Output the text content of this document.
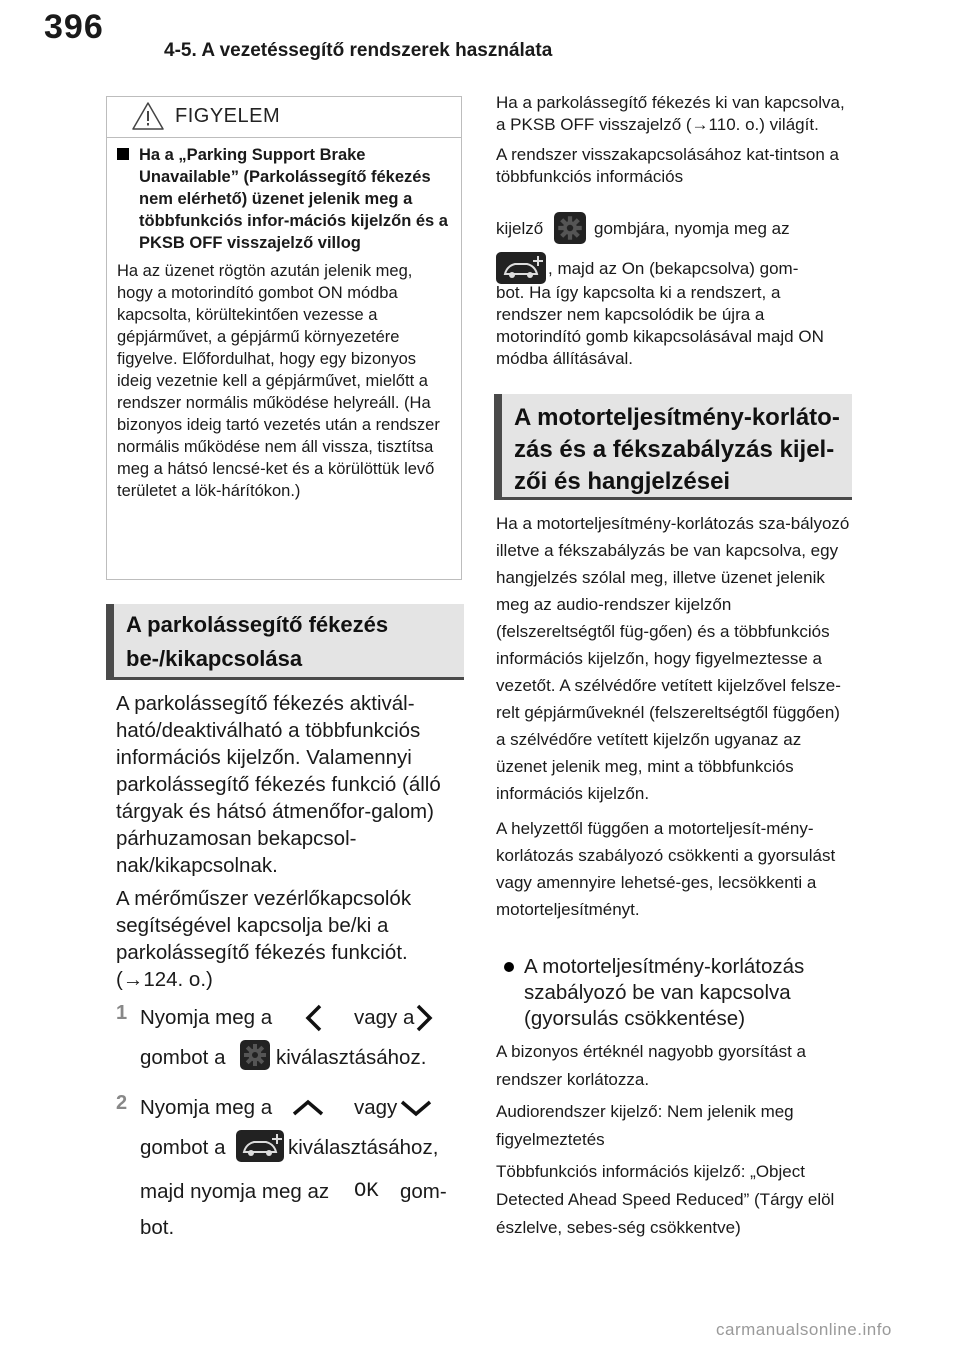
396
4-5. A vezetéssegítő rendszerek használata
FIGYELEM

Ha a „Parking Support Brake Unavailable” (Parkolássegítő fékezés nem elérhető) üzenet jelenik meg a többfunkciós infor-mációs kijelzőn és a PKSB OFF visszajelző villog

Ha az üzenet rögtön azután jelenik meg, hogy a motorindító gombot ON módba kapcsolta, körültekintően vezesse a gépjárművet, a gépjármű környezetére figyelve. Előfordulhat, hogy egy bizonyos ideig vezetnie kell a gépjárművet, mielőtt a rendszer normális működése helyreáll. (Ha bizonyos ideig tartó vezetés után a rendszer normális működése nem áll vissza, tisztítsa meg a hátsó lencsé-ket és a körülöttük levő területet a lök-hárítókon.)

A parkolássegítő fékezés
be-/kikapcsolása

A parkolássegítő fékezés aktivál-ható/deaktiválható a többfunkciós információs kijelzőn. Valamennyi parkolássegítő fékezés funkció (álló tárgyak és hátsó átmenőfor-galom) párhuzamosan bekapcsol-nak/kikapcsolnak.

A mérőműszer vezérlőkapcsolók segítségével kapcsolja be/ki a parkolássegítő fékezés funkciót. (→124. o.)

1 Nyomja meg a	vagy a
gombot a kiválasztásához.
2 Nyomja meg a	vagy
gombot a	kiválasztásához,
majd nyomja meg az OK gom-
bot.

Ha a parkolássegítő fékezés ki van kapcsolva, a PKSB OFF visszajelző (→110. o.) világít.

A rendszer visszakapcsolásához kat-tintson a többfunkciós információs

kijelző	gombjára, nyomja meg az
, majd az On (bekapcsolva) gom-

bot. Ha így kapcsolta ki a rendszert, a rendszer nem kapcsolódik be újra a motorindító gomb kikapcsolásával majd ON módba állításával.

A motorteljesítmény-korláto-
zás és a fékszabályzás kijel-
zői és hangjelzései

Ha a motorteljesítmény-korlátozás sza-bályozó illetve a fékszabályzás be van kapcsolva, egy hangjelzés szólal meg, illetve üzenet jelenik meg az audio-rendszer kijelzőn (felszereltségtől füg-gően) és a többfunkciós információs kijelzőn, hogy figyelmeztesse a vezetőt. A szélvédőre vetített kijelzővel felsze-relt gépjárműveknél (felszereltségtől függően) a szélvédőre vetített kijelzőn ugyanaz az üzenet jelenik meg, mint a többfunkciós információs kijelzőn.

A helyzettől függően a motorteljesít-mény-korlátozás szabályozó csökkenti a gyorsulást vagy amennyire lehetsé-ges, lecsökkenti a motorteljesítményt.

A motorteljesítmény-korlátozás szabályozó be van kapcsolva (gyorsulás csökkentése)

A bizonyos értéknél nagyobb gyorsítást a rendszer korlátozza.

Audiorendszer kijelző: Nem jelenik meg figyelmeztetés

Többfunkciós információs kijelző: „Object Detected Ahead Speed Reduced” (Tárgy elöl észlelve, sebes-ség csökkentve)

carmanualsonline.info
